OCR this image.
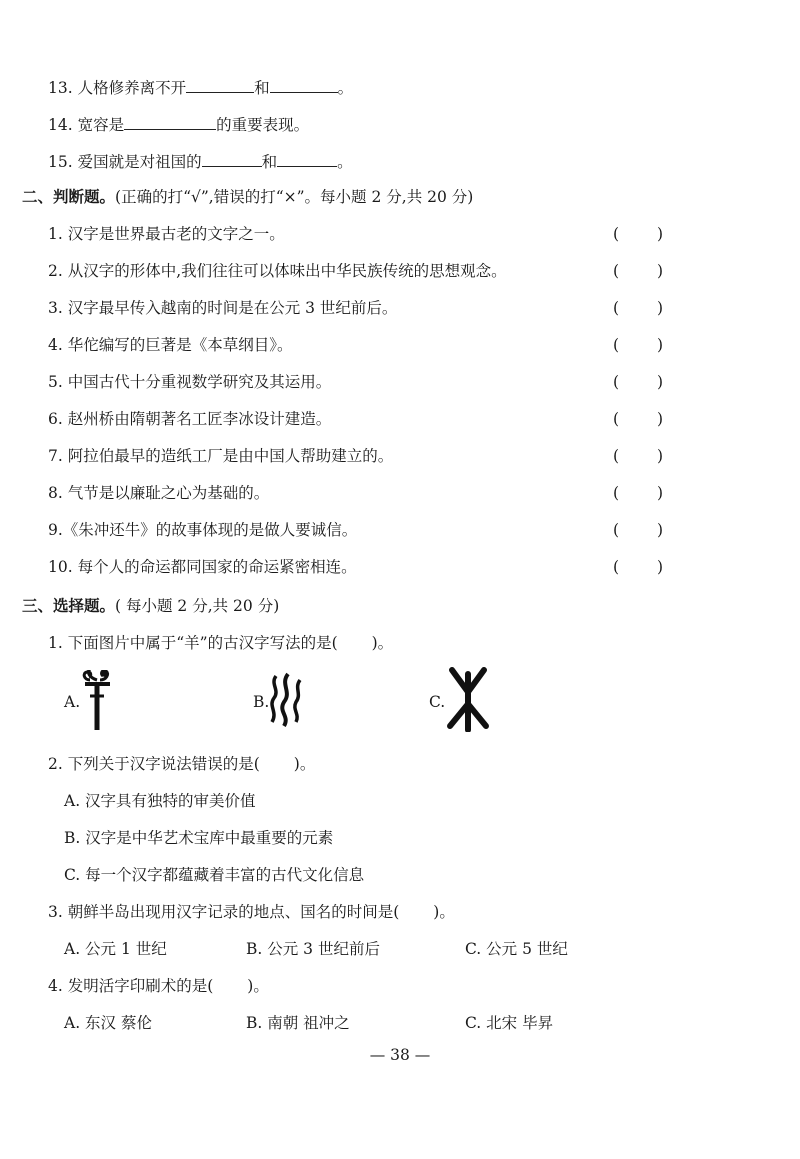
13. 人格修养离不开	和	。
14. 宽容是	的重要表现。
15. 爱国就是对祖国的	和	。
二、判断题。(正确的打“√”,错误的打“×”。每小题 2 分,共 20 分)
1. 汉字是世界最古老的文字之一。	( )
2. 从汉字的形体中,我们往往可以体味出中华民族传统的思想观念。	( )
3. 汉字最早传入越南的时间是在公元 3 世纪前后。	( )
4. 华佗编写的巨著是《本草纲目》。	( )
5. 中国古代十分重视数学研究及其运用。	( )
6. 赵州桥由隋朝著名工匠李冰设计建造。	( )
7. 阿拉伯最早的造纸工厂是由中国人帮助建立的。	( )
8. 气节是以廉耻之心为基础的。	( )
9.《朱冲还牛》的故事体现的是做人要诚信。	( )
10. 每个人的命运都同国家的命运紧密相连。	( )
三、选择题。( 每小题 2 分,共 20 分)
1. 下面图片中属于“羊”的古汉字写法的是( )。
A.	B.	C.
2. 下列关于汉字说法错误的是( )。
A. 汉字具有独特的审美价值
B. 汉字是中华艺术宝库中最重要的元素
C. 每一个汉字都蕴藏着丰富的古代文化信息
3. 朝鲜半岛出现用汉字记录的地点、国名的时间是( )。
A. 公元 1 世纪	B. 公元 3 世纪前后	C. 公元 5 世纪
4. 发明活字印刷术的是( )。
A. 东汉 蔡伦	B. 南朝 祖冲之	C. 北宋 毕昇
— 38 —
